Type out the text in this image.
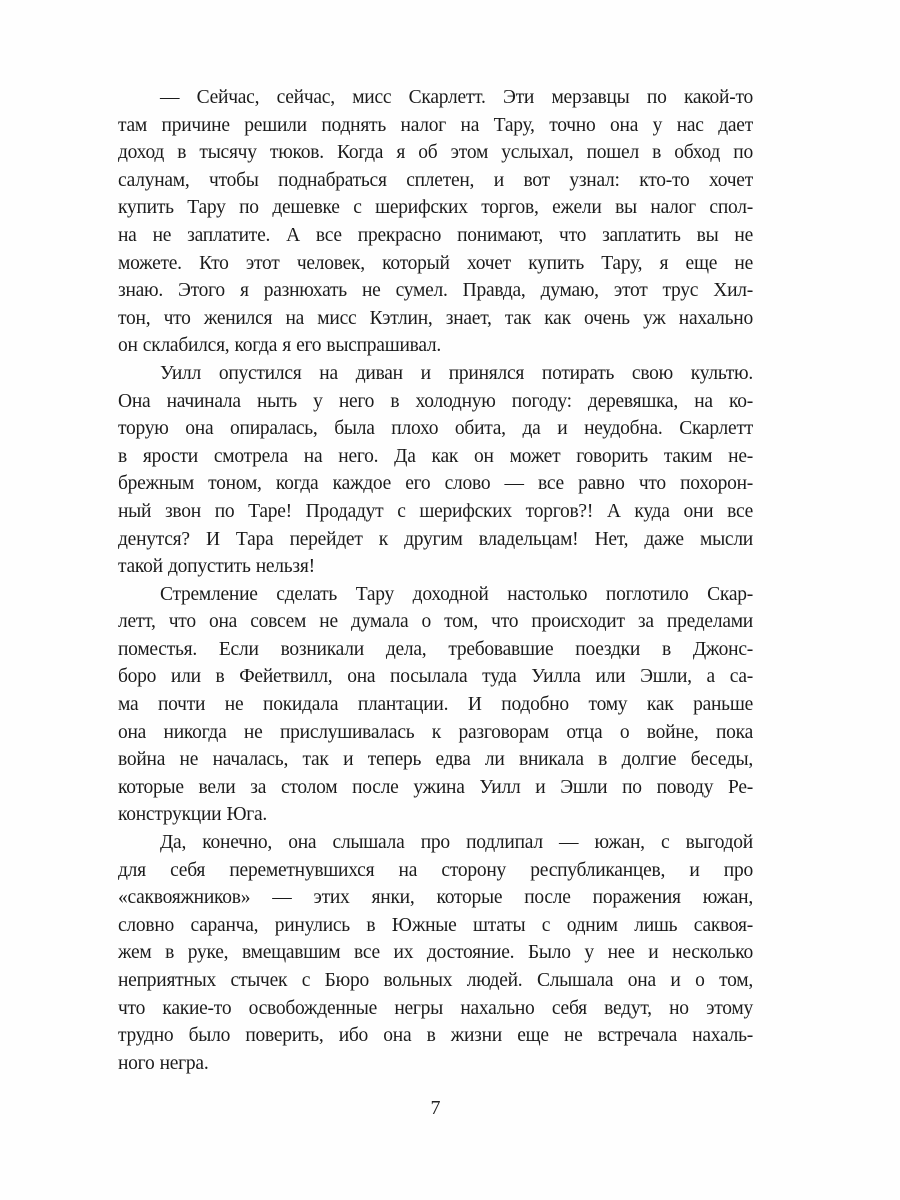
— Сейчас, сейчас, мисс Скарлетт. Эти мерзавцы по какой-то
там причине решили поднять налог на Тару, точно она у нас дает
доход в тысячу тюков. Когда я об этом услыхал, пошел в обход по
салунам, чтобы поднабраться сплетен, и вот узнал: кто-то хочет
купить Тару по дешевке с шерифских торгов, ежели вы налог спол-
на не заплатите. А все прекрасно понимают, что заплатить вы не
можете. Кто этот человек, который хочет купить Тару, я еще не
знаю. Этого я разнюхать не сумел. Правда, думаю, этот трус Хил-
тон, что женился на мисс Кэтлин, знает, так как очень уж нахально
он склабился, когда я его выспрашивал.
Уилл опустился на диван и принялся потирать свою культю.
Она начинала ныть у него в холодную погоду: деревяшка, на ко-
торую она опиралась, была плохо обита, да и неудобна. Скарлетт
в ярости смотрела на него. Да как он может говорить таким не-
брежным тоном, когда каждое его слово — все равно что похорон-
ный звон по Таре! Продадут с шерифских торгов?! А куда они все
денутся? И Тара перейдет к другим владельцам! Нет, даже мысли
такой допустить нельзя!
Стремление сделать Тару доходной настолько поглотило Скар-
летт, что она совсем не думала о том, что происходит за пределами
поместья. Если возникали дела, требовавшие поездки в Джонс-
боро или в Фейетвилл, она посылала туда Уилла или Эшли, а са-
ма почти не покидала плантации. И подобно тому как раньше
она никогда не прислушивалась к разговорам отца о войне, пока
война не началась, так и теперь едва ли вникала в долгие беседы,
которые вели за столом после ужина Уилл и Эшли по поводу Ре-
конструкции Юга.
Да, конечно, она слышала про подлипал — южан, с выгодой
для себя переметнувшихся на сторону республиканцев, и про
«саквояжников» — этих янки, которые после поражения южан,
словно саранча, ринулись в Южные штаты с одним лишь саквоя-
жем в руке, вмещавшим все их достояние. Было у нее и несколько
неприятных стычек с Бюро вольных людей. Слышала она и о том,
что какие-то освобожденные негры нахально себя ведут, но этому
трудно было поверить, ибо она в жизни еще не встречала нахаль-
ного негра.
7
